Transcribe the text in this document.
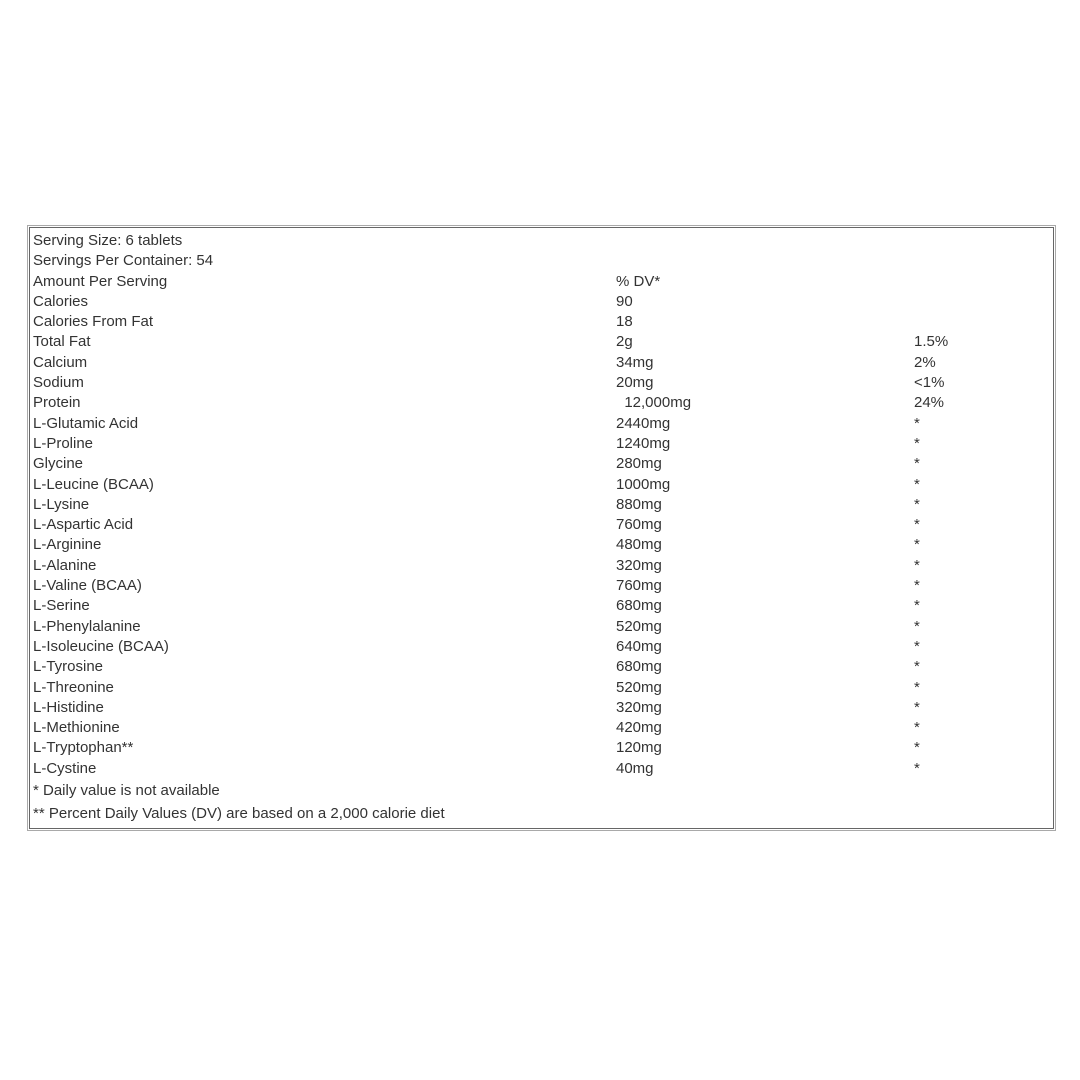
Serving Size: 6 tablets
Servings Per Container: 54
Amount Per Serving	% DV*
Calories	90
Calories From Fat	18
Total Fat	2g	1.5%
Calcium	34mg	2%
Sodium	20mg	<1%
Protein	12,000mg	24%
L-Glutamic Acid	2440mg	*
L-Proline	1240mg	*
Glycine	280mg	*
L-Leucine (BCAA)	1000mg	*
L-Lysine	880mg	*
L-Aspartic Acid	760mg	*
L-Arginine	480mg	*
L-Alanine	320mg	*
L-Valine (BCAA)	760mg	*
L-Serine	680mg	*
L-Phenylalanine	520mg	*
L-Isoleucine (BCAA)	640mg	*
L-Tyrosine	680mg	*
L-Threonine	520mg	*
L-Histidine	320mg	*
L-Methionine	420mg	*
L-Tryptophan**	120mg	*
L-Cystine	40mg	*
* Daily value is not available
** Percent Daily Values (DV) are based on a 2,000 calorie diet
